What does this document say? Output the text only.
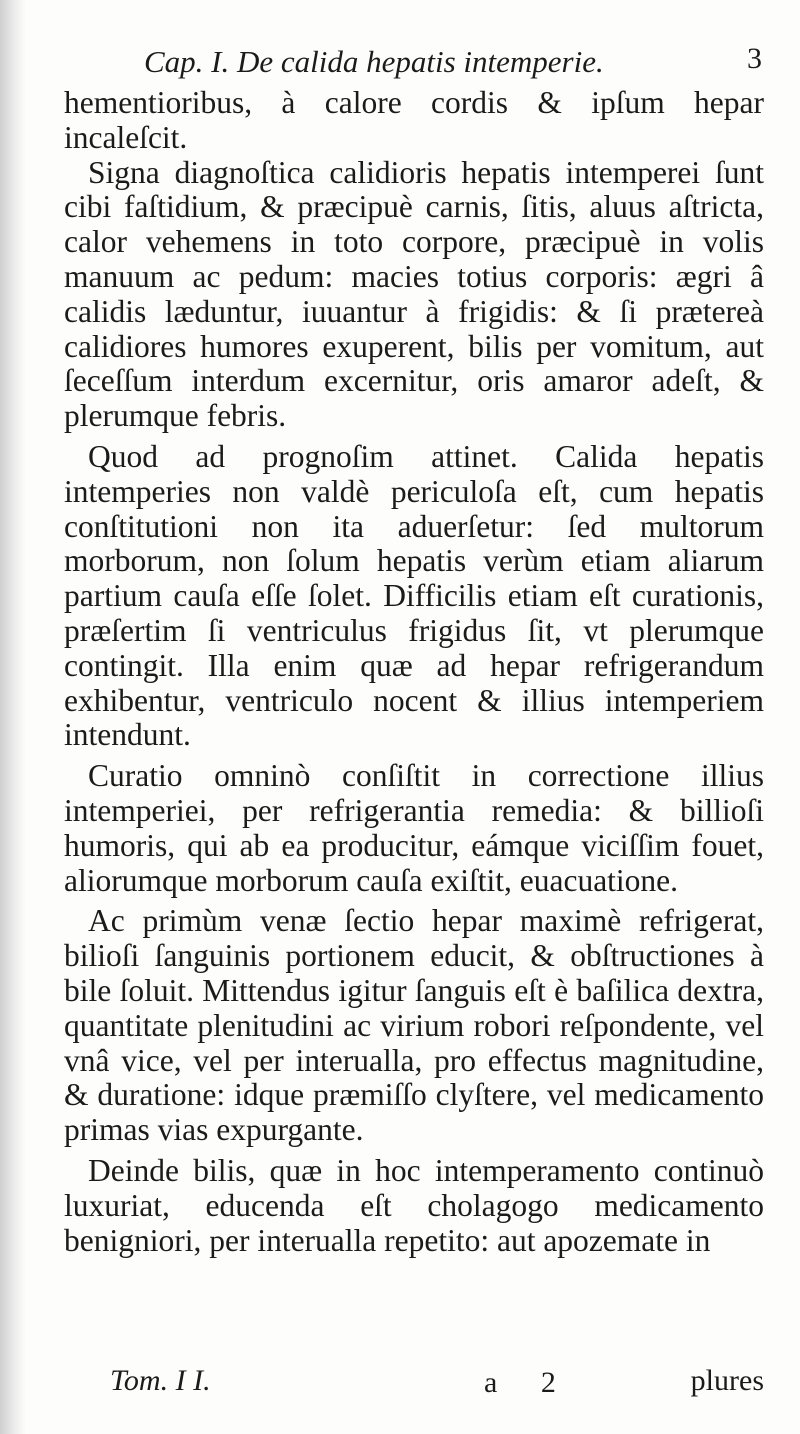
Cap. I. De calida hepatis intemperie.	3

hementioribus, à calore cordis & ipſum hepar incaleſcit.

Signa diagnoſtica calidioris hepatis intemperei ſunt cibi faſtidium, & præcipuè carnis, ſitis, aluus aſtricta, calor vehemens in toto corpore, præcipuè in volis manuum ac pedum: macies totius corporis: ægri â calidis læduntur, iuuantur à frigidis: & ſi prætereà calidiores humores exuperent, bilis per vomitum, aut ſeceſſum interdum excernitur, oris amaror adeſt, & plerumque febris.

Quod ad prognoſim attinet. Calida hepatis intemperies non valdè periculoſa eſt, cum hepatis conſtitutioni non ita aduerſetur: ſed multorum morborum, non ſolum hepatis verùm etiam aliarum partium cauſa eſſe ſolet. Difficilis etiam eſt curationis, præſertim ſi ventriculus frigidus ſit, vt plerumque contingit. Illa enim quæ ad hepar refrigerandum exhibentur, ventriculo nocent & illius intemperiem intendunt.

Curatio omninò conſiſtit in correctione illius intemperiei, per refrigerantia remedia: & billioſi humoris, qui ab ea producitur, eámque viciſſim fouet, aliorumque morborum cauſa exiſtit, euacuatione.

Ac primùm venæ ſectio hepar maximè refrigerat, bilioſi ſanguinis portionem educit, & obſtructiones à bile ſoluit. Mittendus igitur ſanguis eſt è baſilica dextra, quantitate plenitudini ac virium robori reſpondente, vel vnâ vice, vel per interualla, pro effectus magnitudine, & duratione: idque præmiſſo clyſtere, vel medicamento primas vias expurgante.

Deinde bilis, quæ in hoc intemperamento continuò luxuriat, educenda eſt cholagogo medicamento benigniori, per interualla repetito: aut apozemate in

Tom. I I.	a 2	plures
